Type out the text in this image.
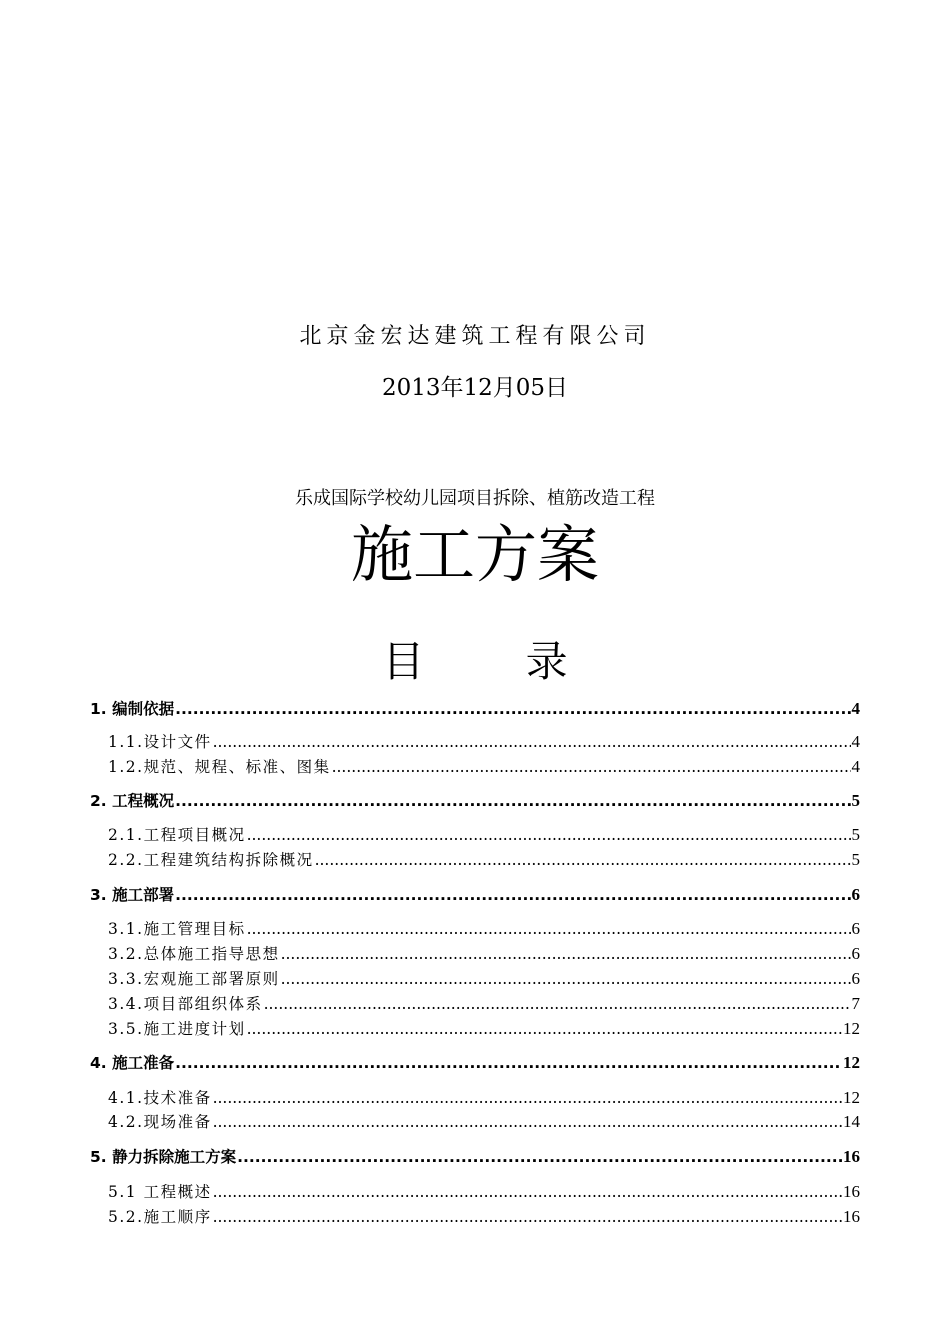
北京金宏达建筑工程有限公司
2013年12月05日
乐成国际学校幼儿园项目拆除、植筋改造工程
施工方案
目 录
1. 编制依据 .....	4
1.1.设计文件 .....	4
1.2.规范、规程、标准、图集 .....	4
2. 工程概况 .....	5
2.1.工程项目概况 .....	5
2.2.工程建筑结构拆除概况 .....	5
3. 施工部署 .....	6
3.1.施工管理目标 .....	6
3.2.总体施工指导思想 .....	6
3.3.宏观施工部署原则 .....	6
3.4.项目部组织体系 .....	7
3.5.施工进度计划 .....	12
4. 施工准备 .....	12
4.1.技术准备 .....	12
4.2.现场准备 .....	14
5. 静力拆除施工方案 .....	16
5.1 工程概述 .....	16
5.2.施工顺序 .....	16
